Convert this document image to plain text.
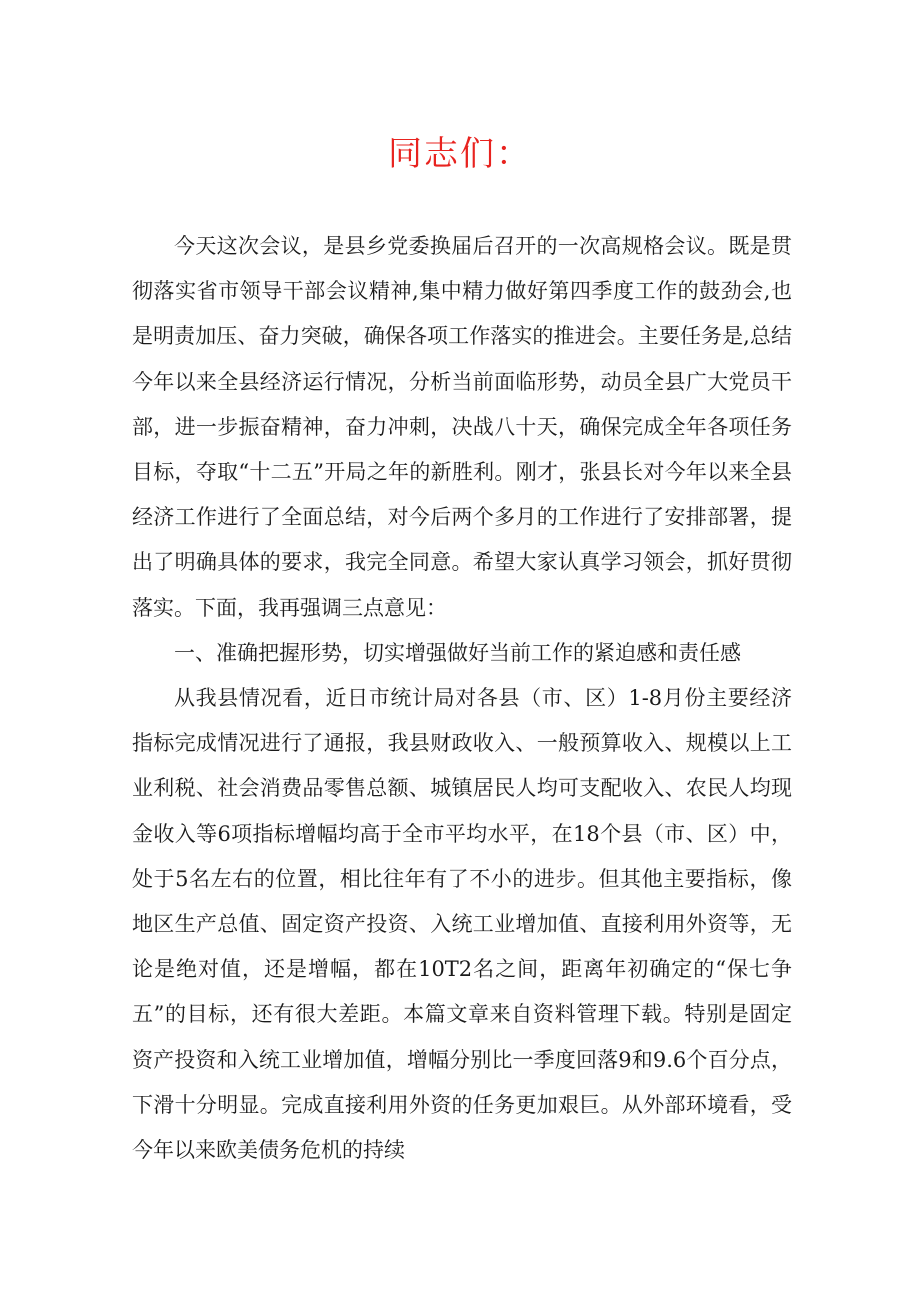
同志们：

今天这次会议，是县乡党委换届后召开的一次高规格会议。既是贯彻落实省市领导干部会议精神,集中精力做好第四季度工作的鼓劲会,也是明责加压、奋力突破，确保各项工作落实的推进会。主要任务是,总结今年以来全县经济运行情况，分析当前面临形势，动员全县广大党员干部，进一步振奋精神，奋力冲刺，决战八十天，确保完成全年各项任务目标，夺取“十二五”开局之年的新胜利。刚才，张县长对今年以来全县经济工作进行了全面总结，对今后两个多月的工作进行了安排部署，提出了明确具体的要求，我完全同意。希望大家认真学习领会，抓好贯彻落实。下面，我再强调三点意见：

一、准确把握形势，切实增强做好当前工作的紧迫感和责任感

从我县情况看，近日市统计局对各县（市、区）1-8月份主要经济指标完成情况进行了通报，我县财政收入、一般预算收入、规模以上工业利税、社会消费品零售总额、城镇居民人均可支配收入、农民人均现金收入等6项指标增幅均高于全市平均水平，在18个县（市、区）中，处于5名左右的位置，相比往年有了不小的进步。但其他主要指标，像地区生产总值、固定资产投资、入统工业增加值、直接利用外资等，无论是绝对值，还是增幅，都在10T2名之间，距离年初确定的“保七争五”的目标，还有很大差距。本篇文章来自资料管理下载。特别是固定资产投资和入统工业增加值，增幅分别比一季度回落9和9.6个百分点，下滑十分明显。完成直接利用外资的任务更加艰巨。从外部环境看，受今年以来欧美债务危机的持续
